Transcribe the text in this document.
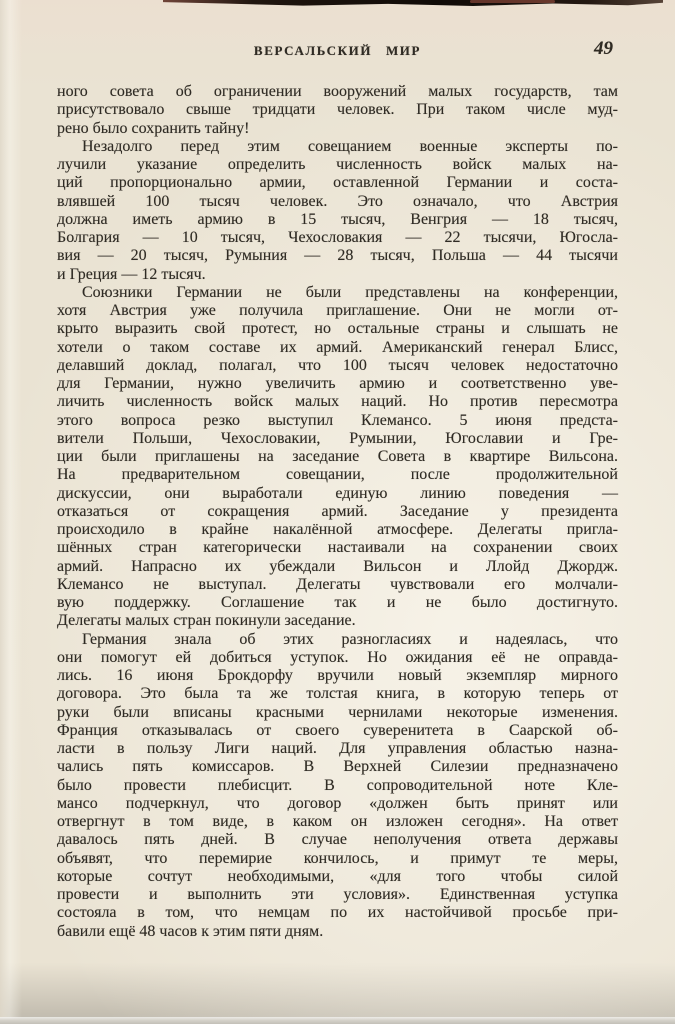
ВЕРСАЛЬСКИЙ МИР	49
ного совета об ограничении вооружений малых государств, там
присутствовало свыше тридцати человек. При таком числе муд-
рено было сохранить тайну!
Незадолго перед этим совещанием военные эксперты по-
лучили указание определить численность войск малых на-
ций пропорционально армии, оставленной Германии и соста-
влявшей 100 тысяч человек. Это означало, что Австрия
должна иметь армию в 15 тысяч, Венгрия — 18 тысяч,
Болгария — 10 тысяч, Чехословакия — 22 тысячи, Югосла-
вия — 20 тысяч, Румыния — 28 тысяч, Польша — 44 тысячи
и Греция — 12 тысяч.
Союзники Германии не были представлены на конференции,
хотя Австрия уже получила приглашение. Они не могли от-
крыто выразить свой протест, но остальные страны и слышать не
хотели о таком составе их армий. Американский генерал Блисс,
делавший доклад, полагал, что 100 тысяч человек недостаточно
для Германии, нужно увеличить армию и соответственно уве-
личить численность войск малых наций. Но против пересмотра
этого вопроса резко выступил Клемансо. 5 июня предста-
вители Польши, Чехословакии, Румынии, Югославии и Гре-
ции были приглашены на заседание Совета в квартире Вильсона.
На предварительном совещании, после продолжительной
дискуссии, они выработали единую линию поведения —
отказаться от сокращения армий. Заседание у президента
происходило в крайне накалённой атмосфере. Делегаты пригла-
шённых стран категорически настаивали на сохранении своих
армий. Напрасно их убеждали Вильсон и Ллойд Джордж.
Клемансо не выступал. Делегаты чувствовали его молчали-
вую поддержку. Соглашение так и не было достигнуто.
Делегаты малых стран покинули заседание.
Германия знала об этих разногласиях и надеялась, что
они помогут ей добиться уступок. Но ожидания её не оправда-
лись. 16 июня Брокдорфу вручили новый экземпляр мирного
договора. Это была та же толстая книга, в которую теперь от
руки были вписаны красными чернилами некоторые изменения.
Франция отказывалась от своего суверенитета в Саарской об-
ласти в пользу Лиги наций. Для управления областью назна-
чались пять комиссаров. В Верхней Силезии предназначено
было провести плебисцит. В сопроводительной ноте Кле-
мансо подчеркнул, что договор «должен быть принят или
отвергнут в том виде, в каком он изложен сегодня». На ответ
давалось пять дней. В случае неполучения ответа державы
объявят, что перемирие кончилось, и примут те меры,
которые сочтут необходимыми, «для того чтобы силой
провести и выполнить эти условия». Единственная уступка
состояла в том, что немцам по их настойчивой просьбе при-
бавили ещё 48 часов к этим пяти дням.
